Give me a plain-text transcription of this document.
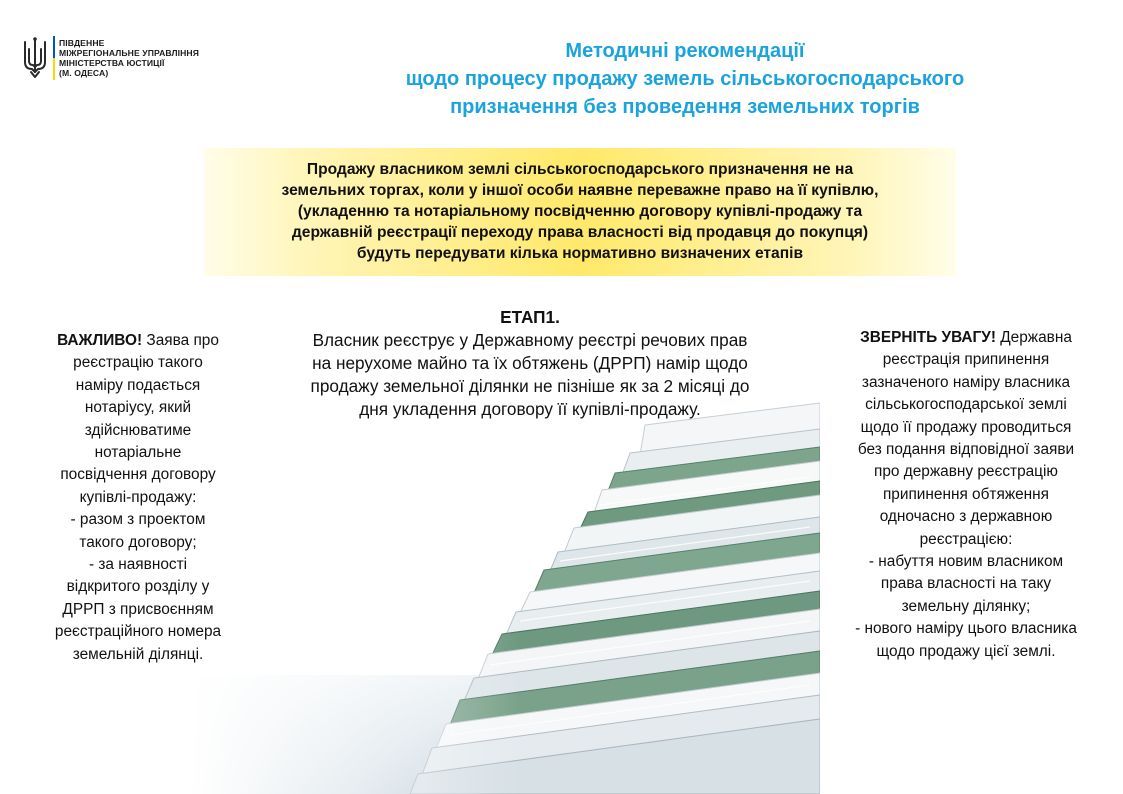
ПІВДЕННЕ
МІЖРЕГІОНАЛЬНЕ УПРАВЛІННЯ
МІНІСТЕРСТВА ЮСТИЦІЇ
(М. ОДЕСА)
Методичні рекомендації
щодо процесу продажу земель сільськогосподарського
призначення без проведення земельних торгів
Продажу власником землі сільськогосподарського призначення не на
земельних торгах, коли у іншої особи наявне переважне право на її купівлю,
(укладенню та нотаріальному посвідченню договору купівлі-продажу та
державній реєстрації переходу права власності від продавця до покупця)
будуть передувати кілька нормативно визначених етапів
ЕТАП1.
Власник реєструє у Державному реєстрі речових прав
на нерухоме майно та їх обтяжень (ДРРП) намір щодо
продажу земельної ділянки не пізніше як за 2 місяці до
дня укладення договору її купівлі-продажу.
ВАЖЛИВО! Заява про
реєстрацію такого
наміру подається
нотаріусу, який
здійснюватиме
нотаріальне
посвідчення договору
купівлі-продажу:
- разом з проектом
такого договору;
- за наявності
відкритого розділу у
ДРРП з присвоєнням
реєстраційного номера
земельній ділянці.
ЗВЕРНІТЬ УВАГУ! Державна
реєстрація припинення
зазначеного наміру власника
сільськогосподарської землі
щодо її продажу проводиться
без подання відповідної заяви
про державну реєстрацію
припинення обтяження
одночасно з державною
реєстрацією:
- набуття новим власником
права власності на таку
земельну ділянку;
- нового наміру цього власника
щодо продажу цієї землі.
